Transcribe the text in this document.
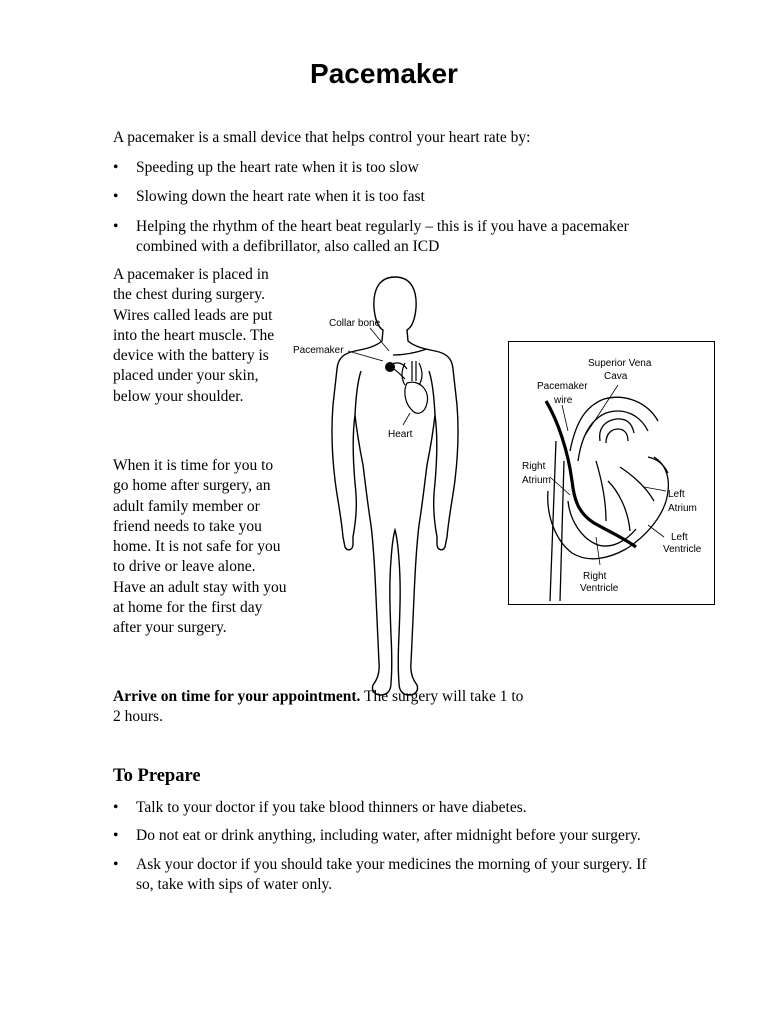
Pacemaker

A pacemaker is a small device that helps control your heart rate by:

• Speeding up the heart rate when it is too slow
• Slowing down the heart rate when it is too fast
• Helping the rhythm of the heart beat regularly – this is if you have a pacemaker combined with a defibrillator, also called an ICD

A pacemaker is placed in the chest during surgery. Wires called leads are put into the heart muscle. The device with the battery is placed under your skin, below your shoulder.

When it is time for you to go home after surgery, an adult family member or friend needs to take you home. It is not safe for you to drive or leave alone. Have an adult stay with you at home for the first day after your surgery.

Arrive on time for your appointment. The surgery will take 1 to 2 hours.

Collar bone
Pacemaker
Heart
Superior Vena
Cava
Pacemaker
wire
Right
Atrium
Left
Atrium
Left
Ventricle
Right
Ventricle
To Prepare
• Talk to your doctor if you take blood thinners or have diabetes.
• Do not eat or drink anything, including water, after midnight before your surgery.
• Ask your doctor if you should take your medicines the morning of your surgery. If so, take with sips of water only.
